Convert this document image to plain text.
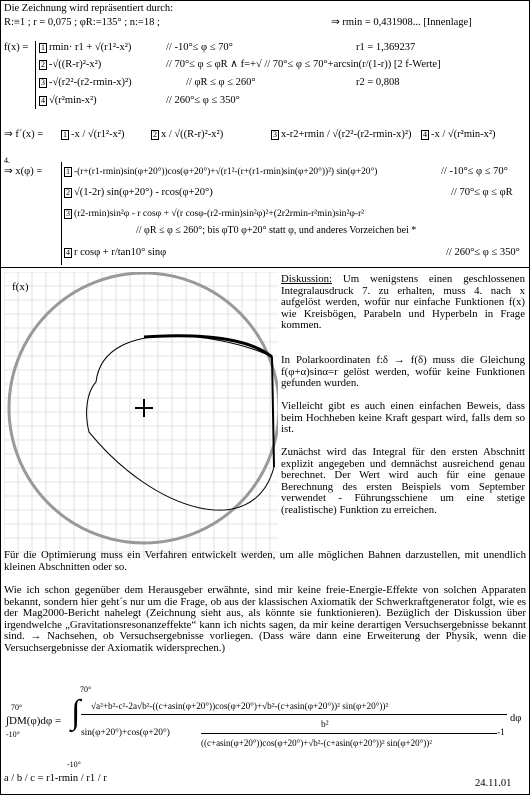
Die Zeichnung wird repräsentiert durch:
R:≡1 ; r = 0,075 ; φR:=135° ; n:=18 ;	⇒ rmin = 0,431908... [Innenlage]
f(x) = 1 rmin· r1 + √(r1²-x²)	// -10°≤ φ ≤ 70°	r1 = 1,369237
2 -√((R-r)²-x²)	// 70°≤ φ ≤ φR ∧ f=+√ // 70°≤ φ ≤ 70°+arcsin(r/(1-r)) [2 f-Werte]
3 -√(r2²-(r2-rmin-x)²)	// φR ≤ φ ≤ 260°	r2 = 0,808
4 √(r²min-x²)	// 260°≤ φ ≤ 350°
⇒ f´(x) = 1 -x / √(r1²-x²)	2 x / √((R-r)²-x²)	3 x-r2+rmin / √(r2²-(r2-rmin-x)²) 4 -x / √(r²min-x²)
4.
⇒ x(φ) =	1 -(r+(r1-rmin)sin(φ+20°))cos(φ+20°)+√(r1²-(r+(r1-rmin)sin(φ+20°))²) sin(φ+20°)	// -10°≤ φ ≤ 70°
2 √(1-2r) sin(φ+20°) - rcos(φ+20°)	// 70°≤ φ ≤ φR
3 (r2-rmin)sin²φ - r cosφ + √(r cosφ-(r2-rmin)sin²φ)²+(2r2rmin-r²min)sin²φ-r²
// φR ≤ φ ≤ 260°; bis φT0 φ+20° statt φ, und anderes Vorzeichen bei *
4 r cosφ + r/tan10° sinφ	// 260°≤ φ ≤ 350°
f(x)
Diskussion: Um wenigstens einen geschlossenen Integralausdruck 7. zu erhalten, muss 4. nach x aufgelöst werden, wofür nur einfache Funktionen f(x) wie Kreisbögen, Parabeln und Hyperbeln in Frage kommen.
In Polarkoordinaten f:δ → f(δ) muss die Gleichung f(φ+α)sinα=r gelöst werden, wofür keine Funktionen gefunden wurden.
Vielleicht gibt es auch einen einfachen Beweis, dass beim Hochheben keine Kraft gespart wird, falls dem so ist.
Zunächst wird das Integral für den ersten Abschnitt explizit angegeben und demnächst ausreichend genau berechnet. Der Wert wird auch für eine genaue Berechnung des ersten Beispiels vom September verwendet - Führungsschiene um eine stetige (realistische) Funktion zu erreichen.
Für die Optimierung muss ein Verfahren entwickelt werden, um alle möglichen Bahnen darzustellen, mit unendlich kleinen Abschnitten oder so.
Wie ich schon gegenüber dem Herausgeber erwähnte, sind mir keine freie-Energie-Effekte von solchen Apparaten bekannt, sondern hier geht´s nur um die Frage, ob aus der klassischen Axiomatik der Schwerkraftgenerator folgt, wie es der Mag2000-Bericht nahelegt (Zeichnung sieht aus, als könnte sie funktionieren). Bezüglich der Diskussion über irgendwelche „Gravitationsresonanzeffekte“ kann ich nichts sagen, da mir keine derartigen Versuchsergebnisse bekannt sind. → Nachsehen, ob Versuchsergebnisse vorliegen. (Dass wäre dann eine Erweiterung der Physik, wenn die Versuchsergebnisse der Axiomatik widersprechen.)
70°
70°
∫DM(φ)dφ =
-10°
∫
-10°
√a²+b²-c²-2a√b²-((c+asin(φ+20°))cos(φ+20°)+√b²-(c+asin(φ+20°))² sin(φ+20°))²
sin(φ+20°)+cos(φ+20°)
b²
((c+asin(φ+20°))cos(φ+20°)+√b²-(c+asin(φ+20°))² sin(φ+20°))²
-1
dφ
a / b / c = r1-rmin / r1 / r	24.11.01
